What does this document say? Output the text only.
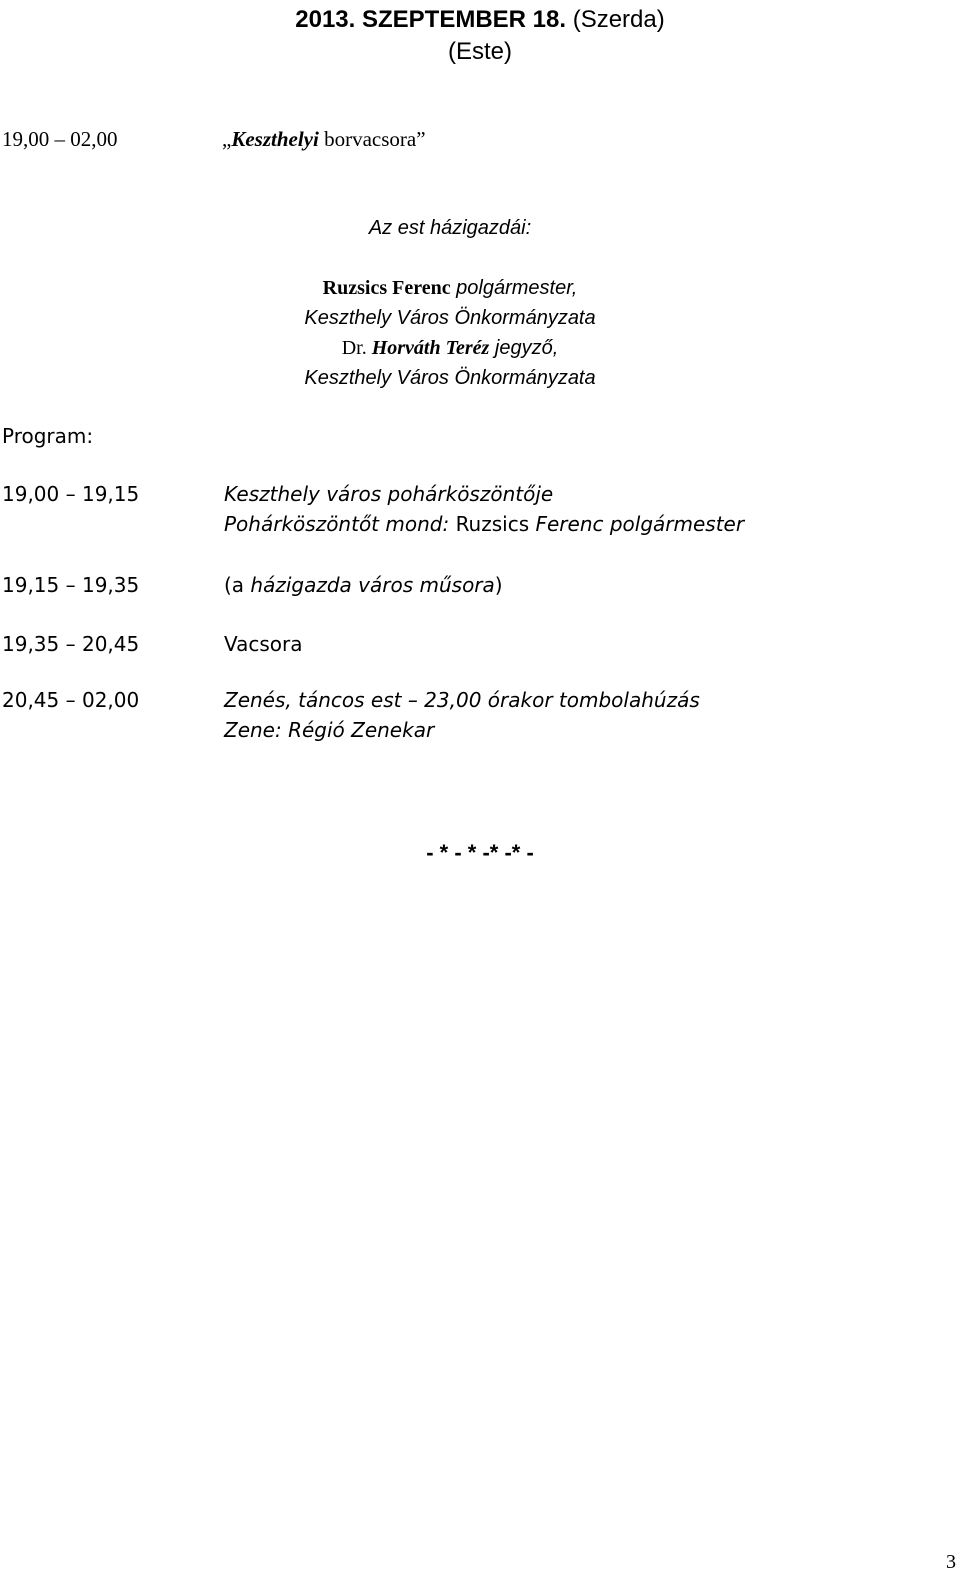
2013. SZEPTEMBER 18. (Szerda)
(Este)
19,00 – 02,00	„Keszthelyi borvacsora”
Az est házigazdái:
Ruzsics Ferenc polgármester,
Keszthely Város Önkormányzata
Dr. Horváth Teréz jegyző,
Keszthely Város Önkormányzata
Program:
19,00 – 19,15	Keszthely város pohárköszöntője
Pohárköszöntőt mond: Ruzsics Ferenc polgármester
19,15 – 19,35	(a házigazda város műsora)
19,35 – 20,45	Vacsora
20,45 – 02,00	Zenés, táncos est – 23,00 órakor tombolahúzás
Zene: Régió Zenekar
- * - * -* -* -
3
